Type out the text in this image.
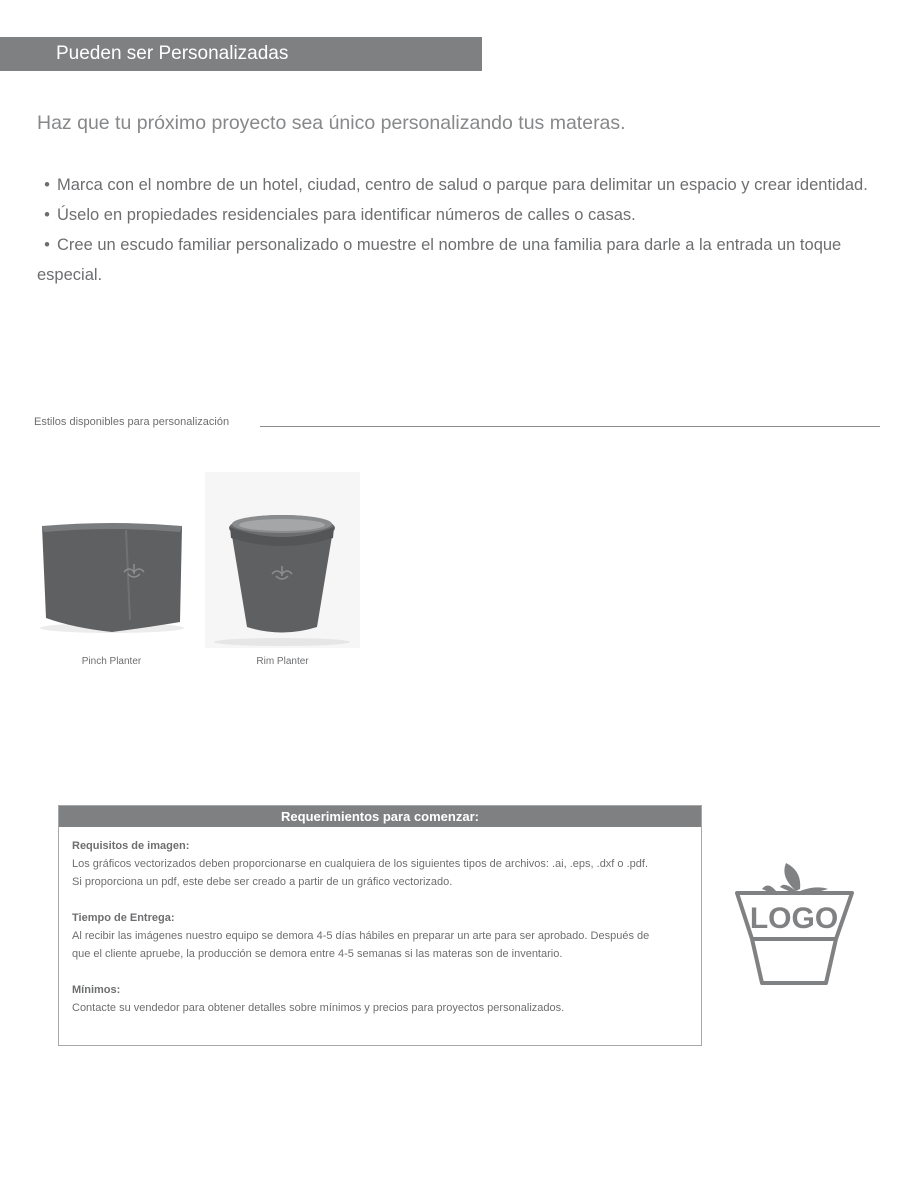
Pueden ser Personalizadas
Haz que tu próximo proyecto sea único personalizando tus materas.
• Marca con el nombre de un hotel, ciudad, centro de salud o parque para delimitar un espacio y crear identidad.
• Úselo en propiedades residenciales para identificar números de calles o casas.
• Cree un escudo familiar personalizado o muestre el nombre de una familia para darle a la entrada un toque
especial.
Estilos disponibles para personalización
Pinch Planter	Rim Planter
Requerimientos para comenzar:
Requisitos de imagen:
Los gráficos vectorizados deben proporcionarse en cualquiera de los siguientes tipos de archivos: .ai, .eps, .dxf o .pdf.
Si proporciona un pdf, este debe ser creado a partir de un gráfico vectorizado.
Tiempo de Entrega:
Al recibir las imágenes nuestro equipo se demora 4-5 días hábiles en preparar un arte para ser aprobado. Después de
que el cliente apruebe, la producción se demora entre 4-5 semanas si las materas son de inventario.
Mínimos:
Contacte su vendedor para obtener detalles sobre mínimos y precios para proyectos personalizados.
LOGO
